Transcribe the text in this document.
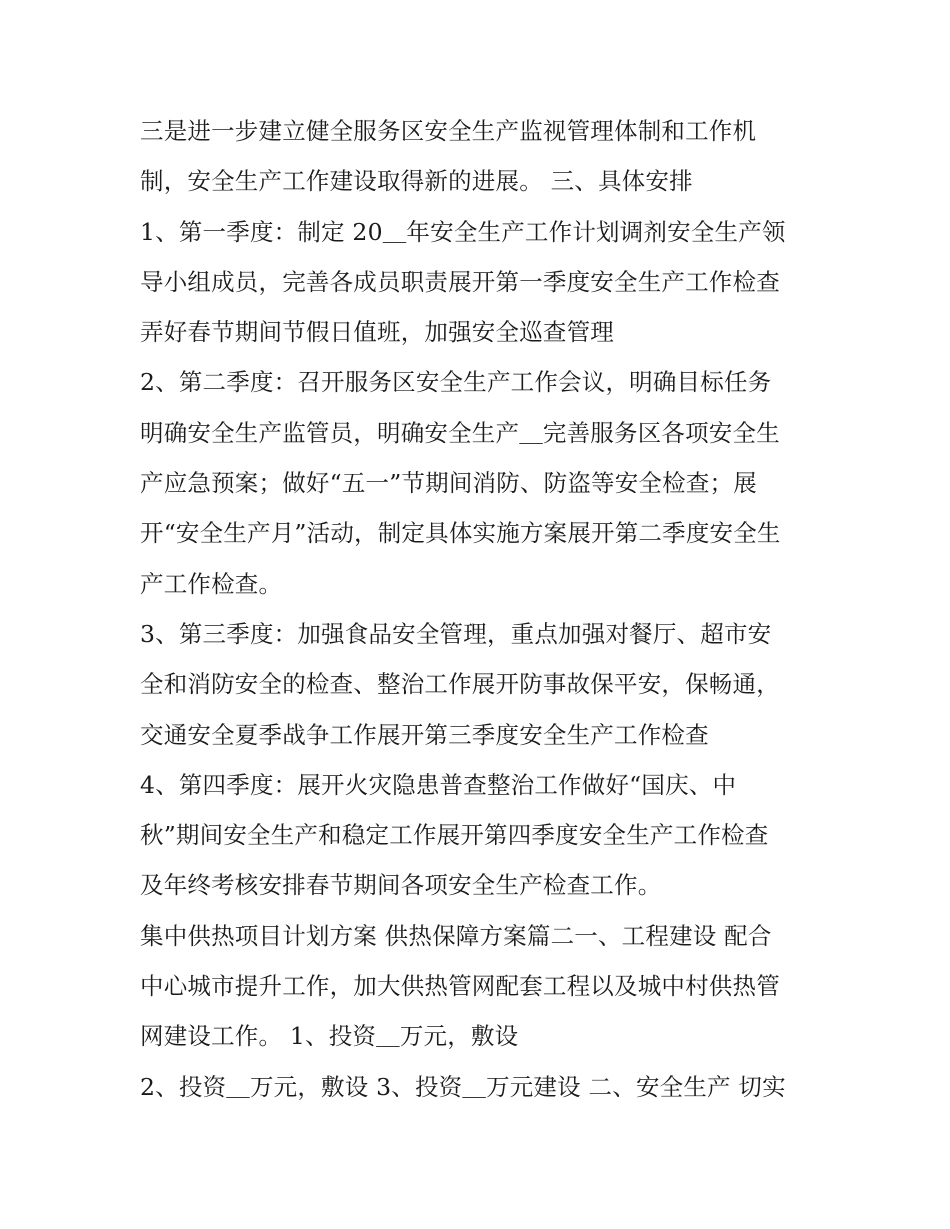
三是进一步建立健全服务区安全生产监视管理体制和工作机
制，安全生产工作建设取得新的进展。 三、具体安排
1、第一季度：制定 20＿年安全生产工作计划调剂安全生产领
导小组成员，完善各成员职责展开第一季度安全生产工作检查
弄好春节期间节假日值班，加强安全巡查管理
2、第二季度：召开服务区安全生产工作会议，明确目标任务
明确安全生产监管员，明确安全生产＿完善服务区各项安全生
产应急预案；做好“五一”节期间消防、防盗等安全检查；展
开“安全生产月”活动，制定具体实施方案展开第二季度安全生
产工作检查。
3、第三季度：加强食品安全管理，重点加强对餐厅、超市安
全和消防安全的检查、整治工作展开防事故保平安，保畅通，
交通安全夏季战争工作展开第三季度安全生产工作检查
4、第四季度：展开火灾隐患普查整治工作做好“国庆、中
秋”期间安全生产和稳定工作展开第四季度安全生产工作检查
及年终考核安排春节期间各项安全生产检查工作。
集中供热项目计划方案 供热保障方案篇二一、工程建设 配合
中心城市提升工作，加大供热管网配套工程以及城中村供热管
网建设工作。 1、投资＿万元，敷设
2、投资＿万元，敷设 3、投资＿万元建设 二、安全生产 切实
